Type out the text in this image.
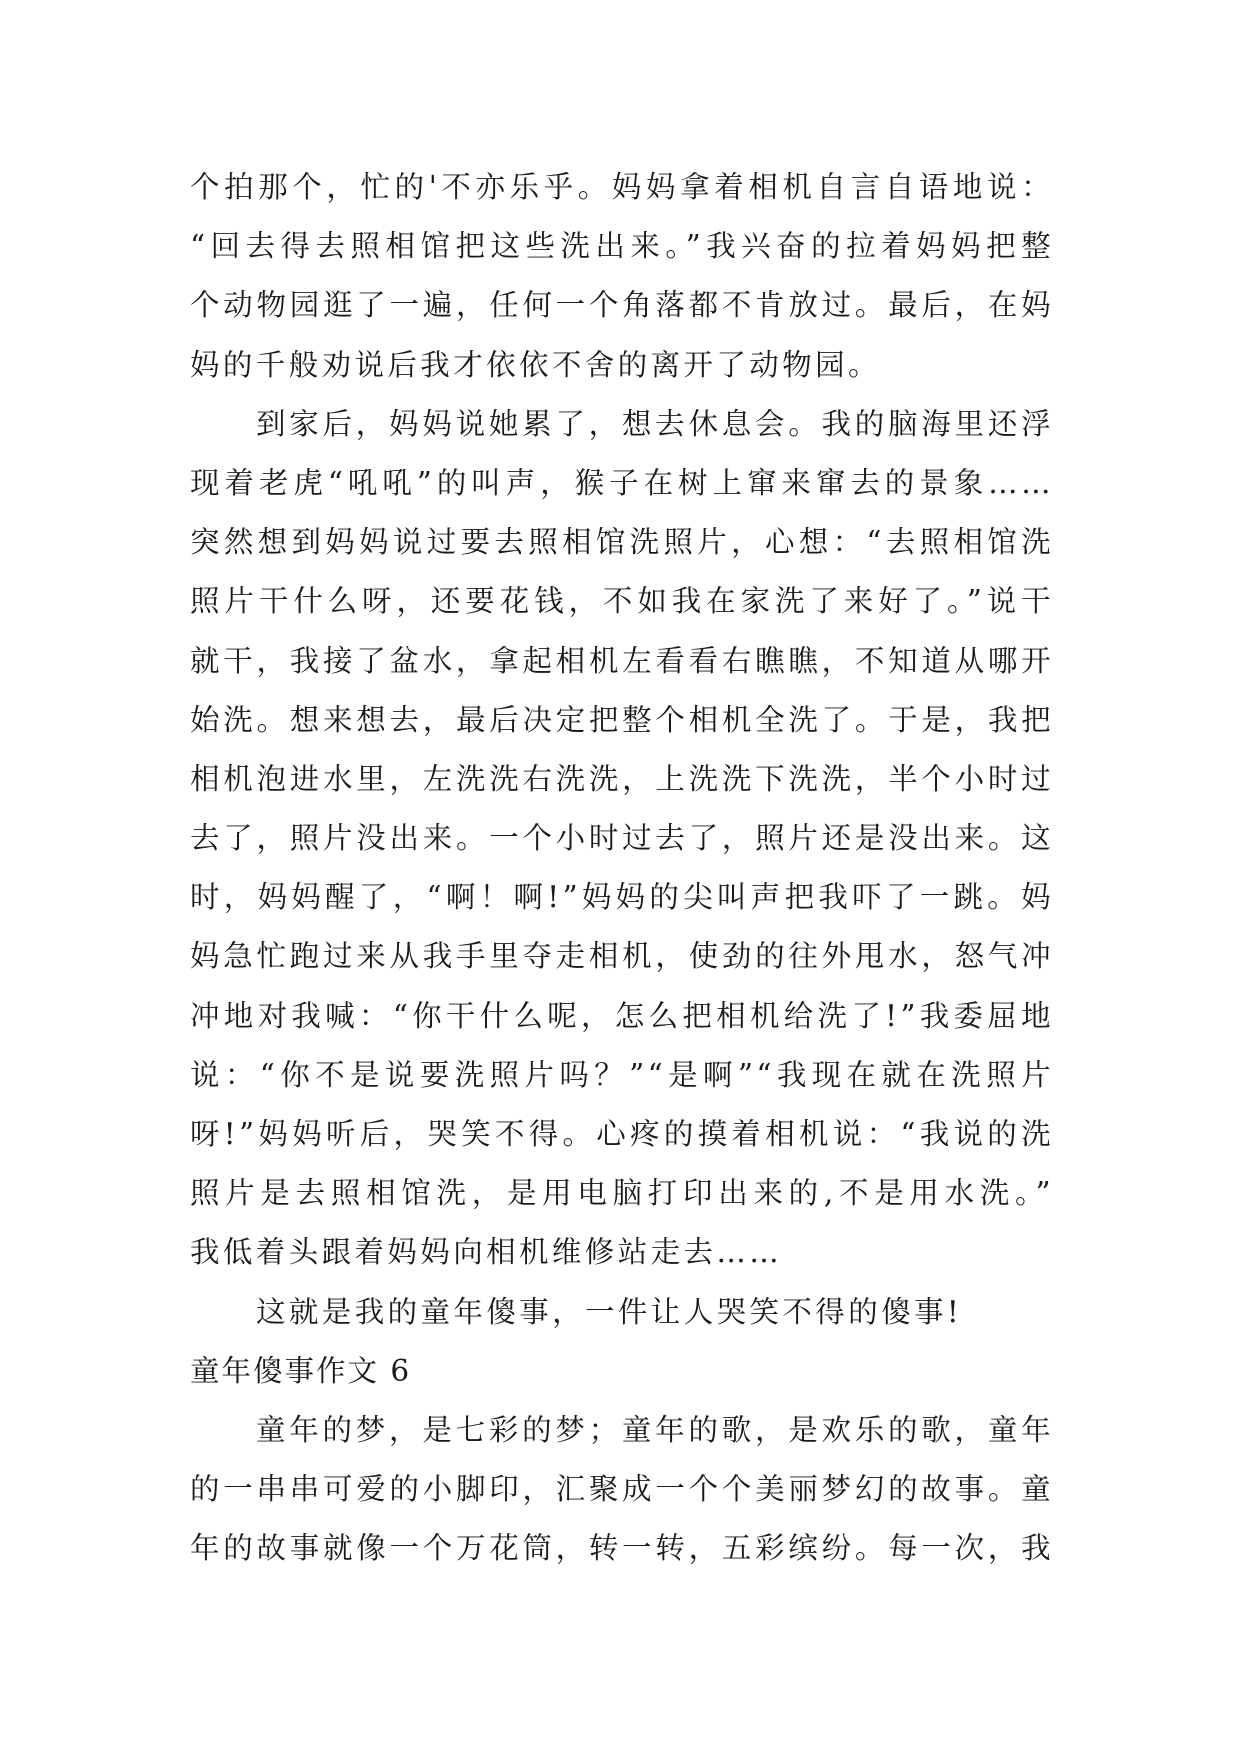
个拍那个，忙的'不亦乐乎。妈妈拿着相机自言自语地说：
“回去得去照相馆把这些洗出来。”我兴奋的拉着妈妈把整
个动物园逛了一遍，任何一个角落都不肯放过。最后，在妈
妈的千般劝说后我才依依不舍的离开了动物园。
到家后，妈妈说她累了，想去休息会。我的脑海里还浮
现着老虎“吼吼”的叫声，猴子在树上窜来窜去的景象……
突然想到妈妈说过要去照相馆洗照片，心想：“去照相馆洗
照片干什么呀，还要花钱，不如我在家洗了来好了。”说干
就干，我接了盆水，拿起相机左看看右瞧瞧，不知道从哪开
始洗。想来想去，最后决定把整个相机全洗了。于是，我把
相机泡进水里，左洗洗右洗洗，上洗洗下洗洗，半个小时过
去了，照片没出来。一个小时过去了，照片还是没出来。这
时，妈妈醒了，“啊！啊!”妈妈的尖叫声把我吓了一跳。妈
妈急忙跑过来从我手里夺走相机，使劲的往外甩水，怒气冲
冲地对我喊：“你干什么呢，怎么把相机给洗了!”我委屈地
说：“你不是说要洗照片吗？”“是啊”“我现在就在洗照片
呀!”妈妈听后，哭笑不得。心疼的摸着相机说：“我说的洗
照片是去照相馆洗，是用电脑打印出来的,不是用水洗。”
我低着头跟着妈妈向相机维修站走去……
这就是我的童年傻事，一件让人哭笑不得的傻事!
童年傻事作文 6
童年的梦，是七彩的梦；童年的歌，是欢乐的歌，童年
的一串串可爱的小脚印，汇聚成一个个美丽梦幻的故事。童
年的故事就像一个万花筒，转一转，五彩缤纷。每一次，我
